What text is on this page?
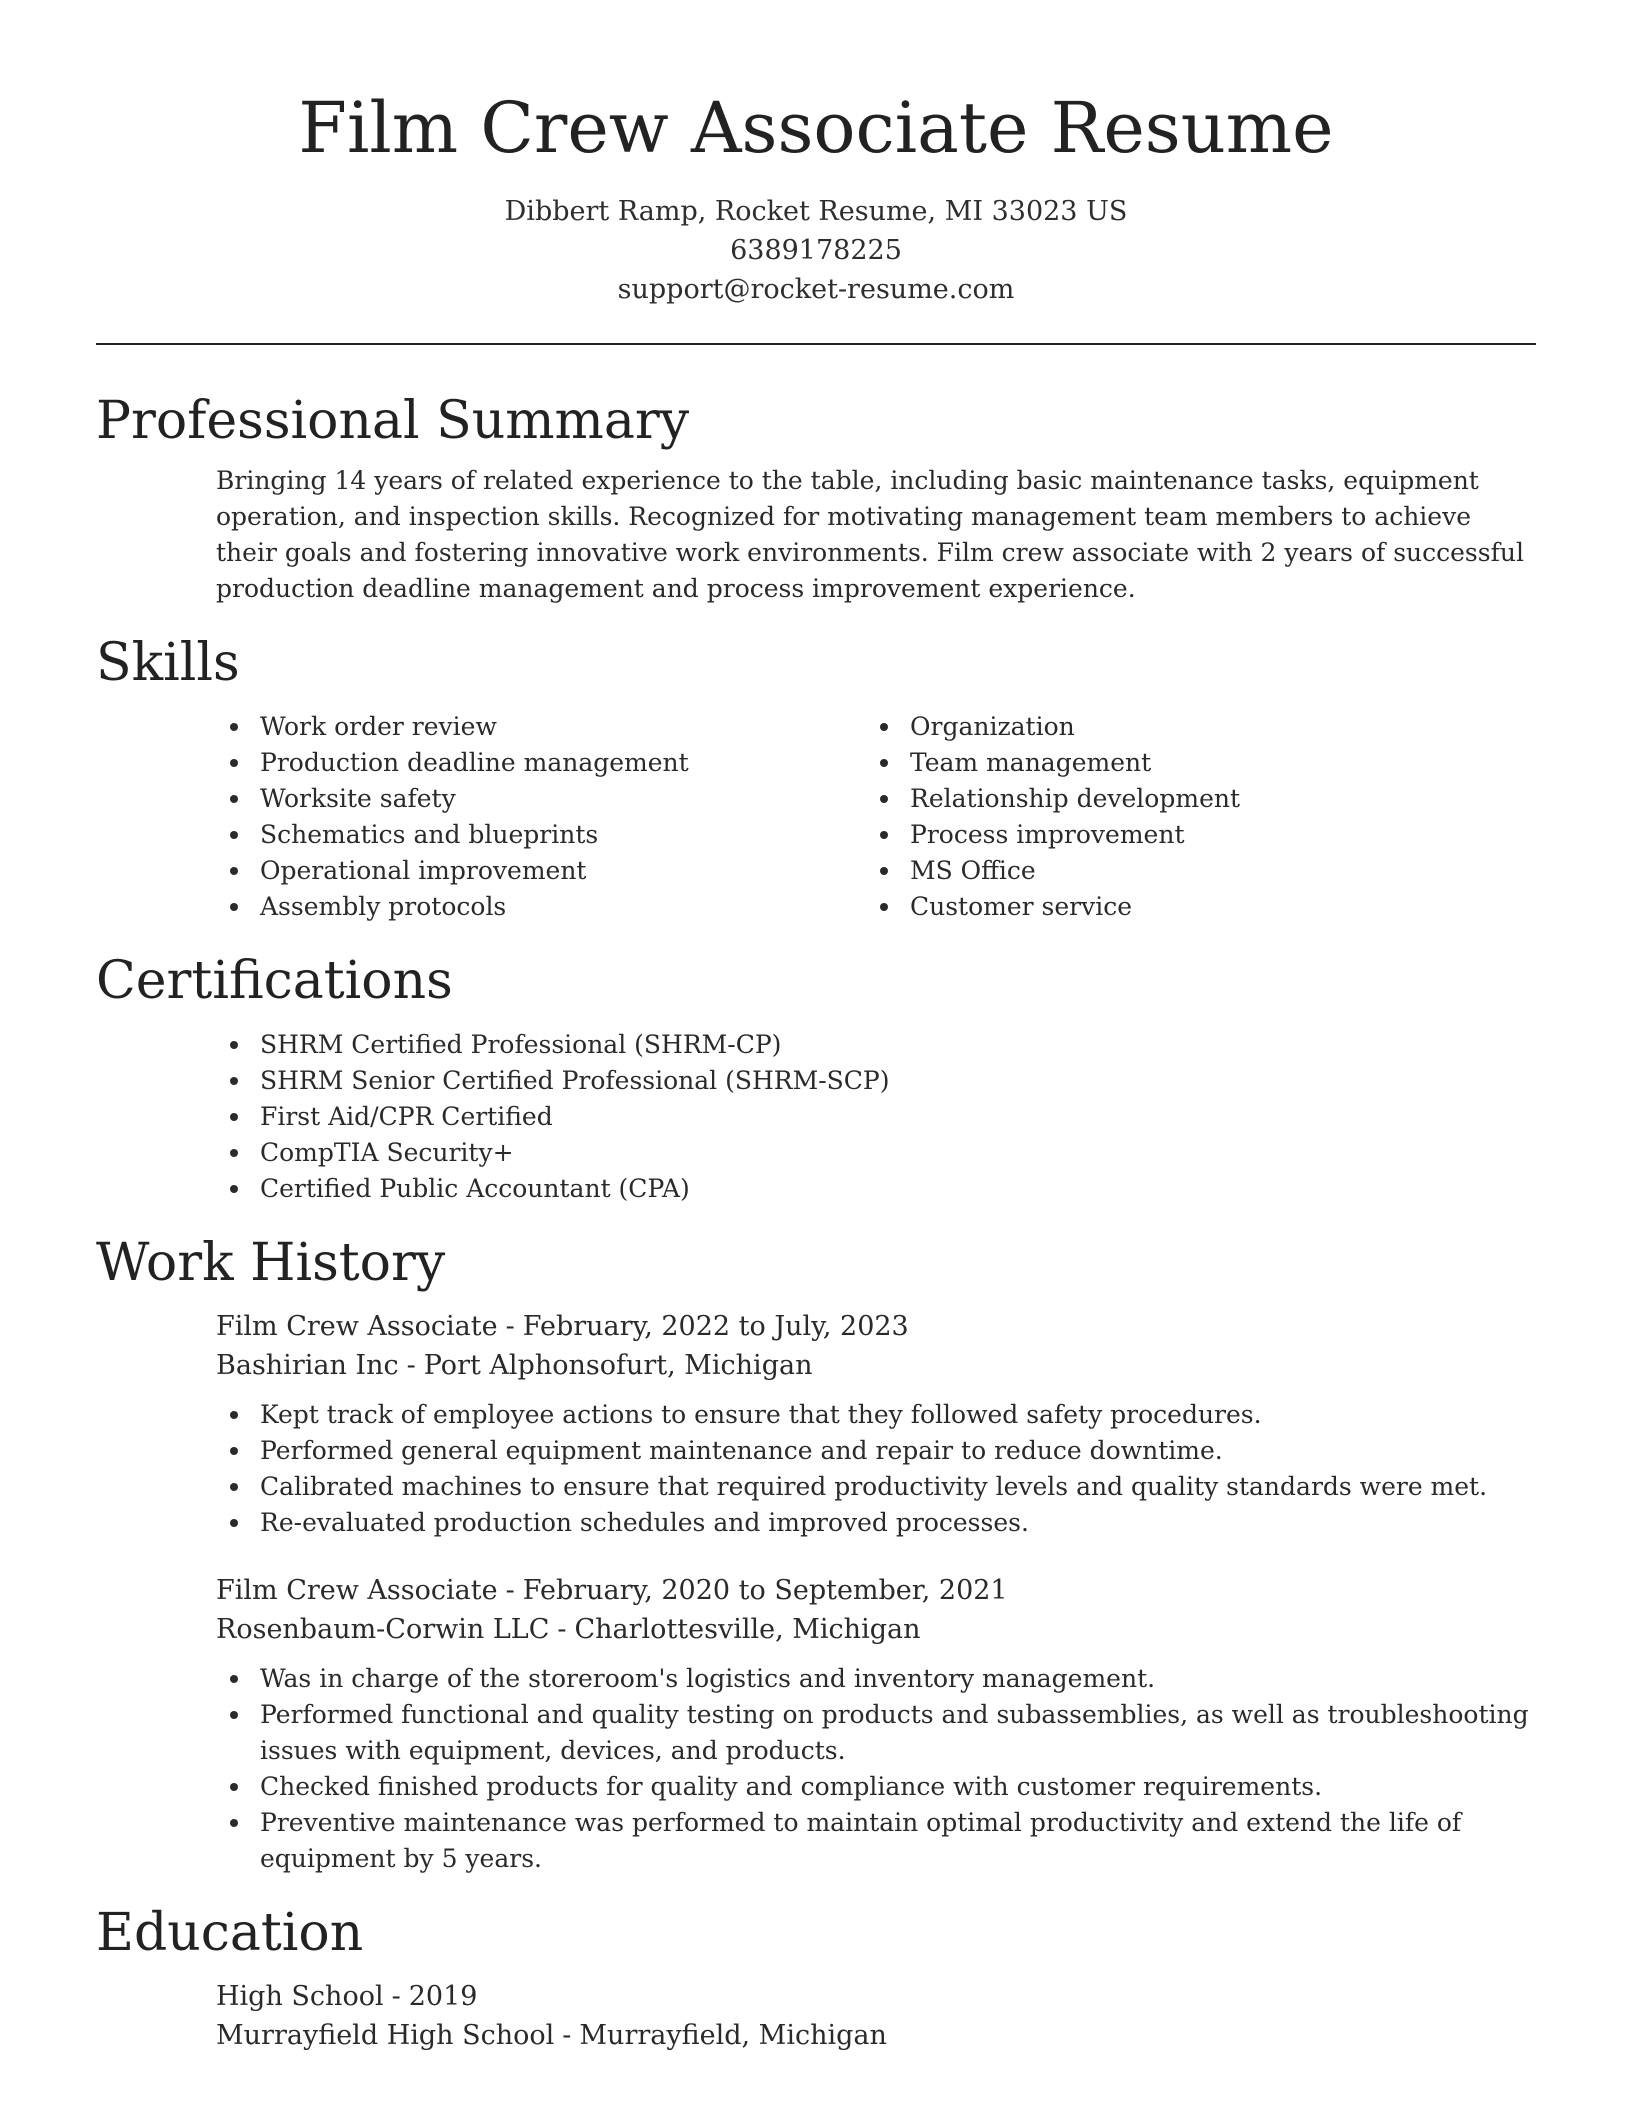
Film Crew Associate Resume
Dibbert Ramp, Rocket Resume, MI 33023 US
6389178225
support@rocket-resume.com
Professional Summary
Bringing 14 years of related experience to the table, including basic maintenance tasks, equipment operation, and inspection skills. Recognized for motivating management team members to achieve their goals and fostering innovative work environments. Film crew associate with 2 years of successful production deadline management and process improvement experience.
Skills
Work order review
Production deadline management
Worksite safety
Schematics and blueprints
Operational improvement
Assembly protocols
Organization
Team management
Relationship development
Process improvement
MS Office
Customer service
Certifications
SHRM Certified Professional (SHRM-CP)
SHRM Senior Certified Professional (SHRM-SCP)
First Aid/CPR Certified
CompTIA Security+
Certified Public Accountant (CPA)
Work History
Film Crew Associate - February, 2022 to July, 2023
Bashirian Inc - Port Alphonsofurt, Michigan
Kept track of employee actions to ensure that they followed safety procedures.
Performed general equipment maintenance and repair to reduce downtime.
Calibrated machines to ensure that required productivity levels and quality standards were met.
Re-evaluated production schedules and improved processes.
Film Crew Associate - February, 2020 to September, 2021
Rosenbaum-Corwin LLC - Charlottesville, Michigan
Was in charge of the storeroom's logistics and inventory management.
Performed functional and quality testing on products and subassemblies, as well as troubleshooting issues with equipment, devices, and products.
Checked finished products for quality and compliance with customer requirements.
Preventive maintenance was performed to maintain optimal productivity and extend the life of equipment by 5 years.
Education
High School - 2019
Murrayfield High School - Murrayfield, Michigan
